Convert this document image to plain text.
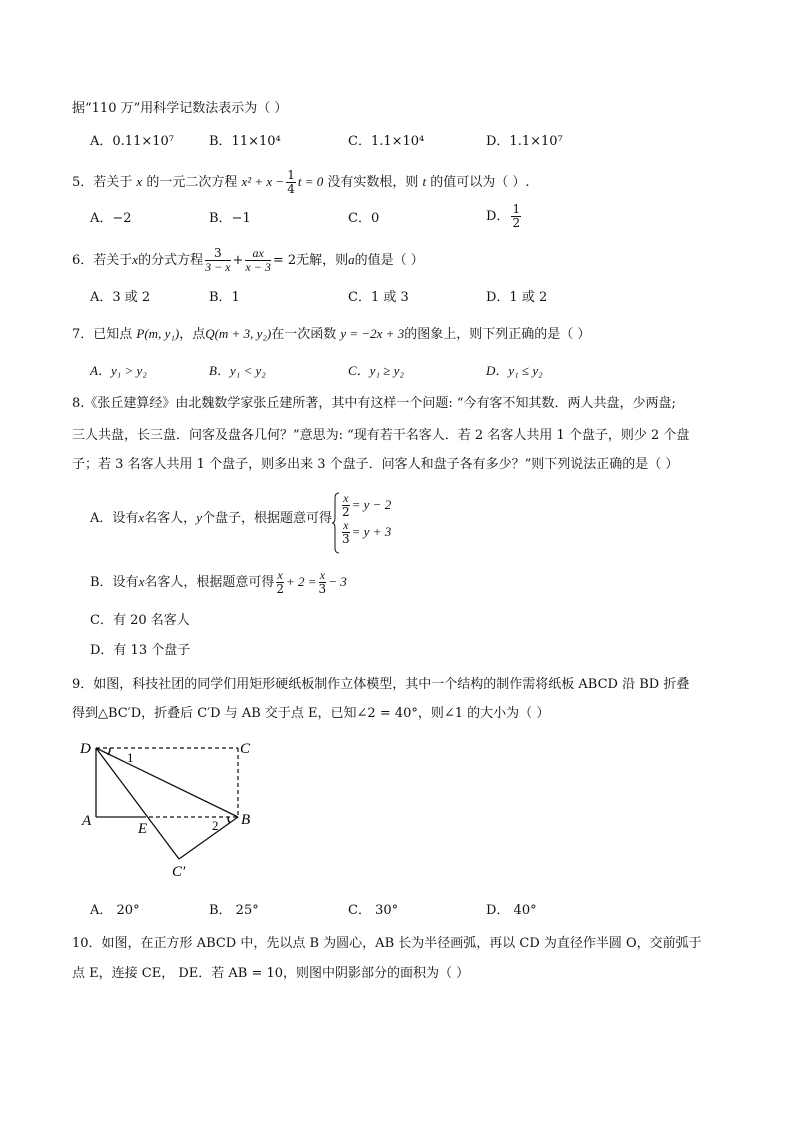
据“110 万”用科学记数法表示为（ ）
A．0.11×10⁷	B．11×10⁴	C．1.1×10⁴	D．1.1×10⁷
5．若关于 x 的一元二次方程 $x^2 + x - \frac{1}{4}$ t = 0 没有实数根，则 t 的值可以为（ ）.
A．−2	B．−1	C．0	D． $\frac{1}{2}$
6．若关于x的分式方程 $\frac{3}{3 - x} + \frac{ax}{x - 3} = 2$无解，则a的值是（ ）
A．3 或 2	B．1	C．1 或 3	D．1 或 2
7．已知点 P(m, y₁)，点Q(m + 3, y₂)在一次函数 y = −2x + 3的图象上，则下列正确的是（ ）
A．y₁ > y₂	B．y₁ < y₂	C．y₁ ≥ y₂	D．y₁ ≤ y₂
8.《张丘建算经》由北魏数学家张丘建所著，其中有这样一个问题: “今有客不知其数．两人共盘，少两盘;
三人共盘，长三盘．问客及盘各几何？”意思为: “现有若干名客人．若 2 名客人共用 1 个盘子，则少 2 个盘
子；若 3 名客人共用 1 个盘子，则多出来 3 个盘子．问客人和盘子各有多少？”则下列说法正确的是（ ）
A．设有x名客人，y个盘子，根据题意可得 $\frac{x}{2} = y - 2$
$\frac{x}{3} = y + 3$
B．设有x名客人，根据题意可得 $\frac{x}{2} + 2 = \frac{x}{3} - 3$
C．有 20 名客人
D．有 13 个盘子
9．如图，科技社团的同学们用矩形硬纸板制作立体模型，其中一个结构的制作需将纸板 ABCD 沿 BD 折叠
得到△BC′D，折叠后 C′D 与 AB 交于点 E，已知∠2 = 40°，则∠1 的大小为（ ）
D	C
A	E
B
C′
1
2
A． 20°	B． 25°	C． 30°	D． 40°
10．如图，在正方形 ABCD 中，先以点 B 为圆心，AB 长为半径画弧，再以 CD 为直径作半圆 O，交前弧于
点 E，连接 CE， DE．若 AB = 10，则图中阴影部分的面积为（ ）
